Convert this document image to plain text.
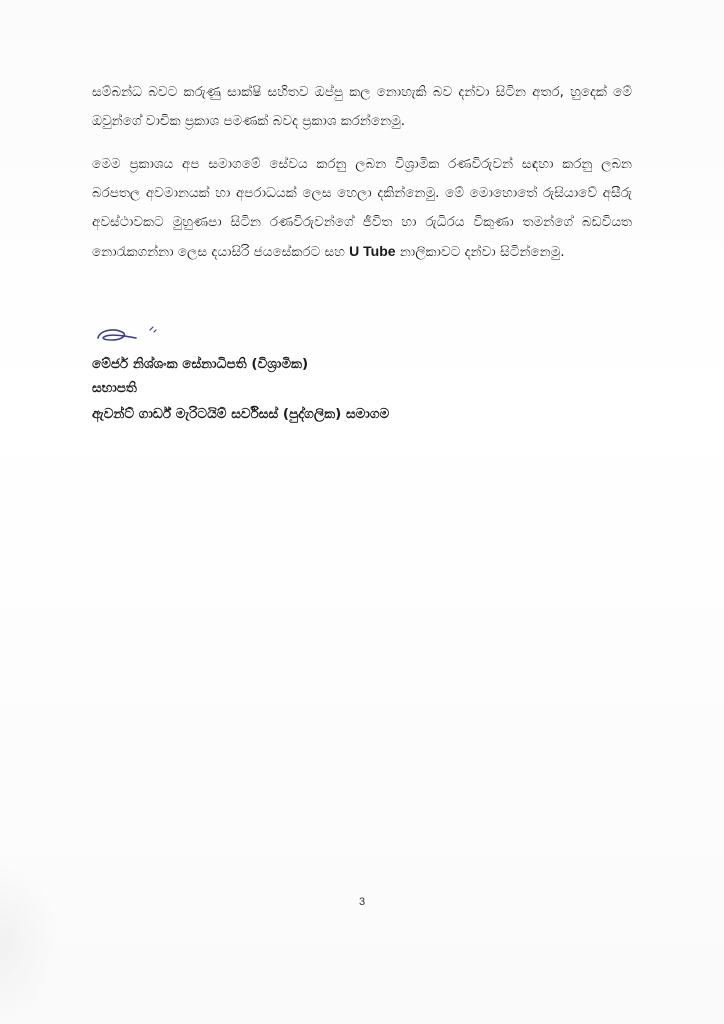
සම්බන්ධ බවට කරුණු සාක්ෂි සහිතව ඔප්පු කල නොහැකි බව දන්වා සිටින අතර, හුදෙක් මේ ඔවුන්ගේ වාචික ප්‍රකාශ පමණක් බවද ප්‍රකාශ කරන්නෙමු.

මෙම ප්‍රකාශය අප සමාගමේ සේවය කරනු ලබන විශ්‍රාමික රණවිරුවන් සඳහා කරනු ලබන බරපතල අවමානයක් හා අපරාධයක් ලෙස හෙලා දකින්නෙමු. මේ මොහොතේ රුසියාවේ අසීරු අවස්ථාවකට මුහුණපා සිටින රණවිරුවන්ගේ ජීවිත හා රුධිරය විකුණා තමන්ගේ බඩවියත නොරැකගන්නා ලෙස දයාසිරි ජයසේකරට සහ U Tube නාලිකාවට දන්වා සිටින්නෙමු.

මේජර් නිශ්ශංක සේනාධිපති (විශ්‍රාමික)
සභාපති
ඇවන්ට් ගාර්ඩ් මැරිටයිම් සර්විසස් (පුද්ගලික) සමාගම
3
